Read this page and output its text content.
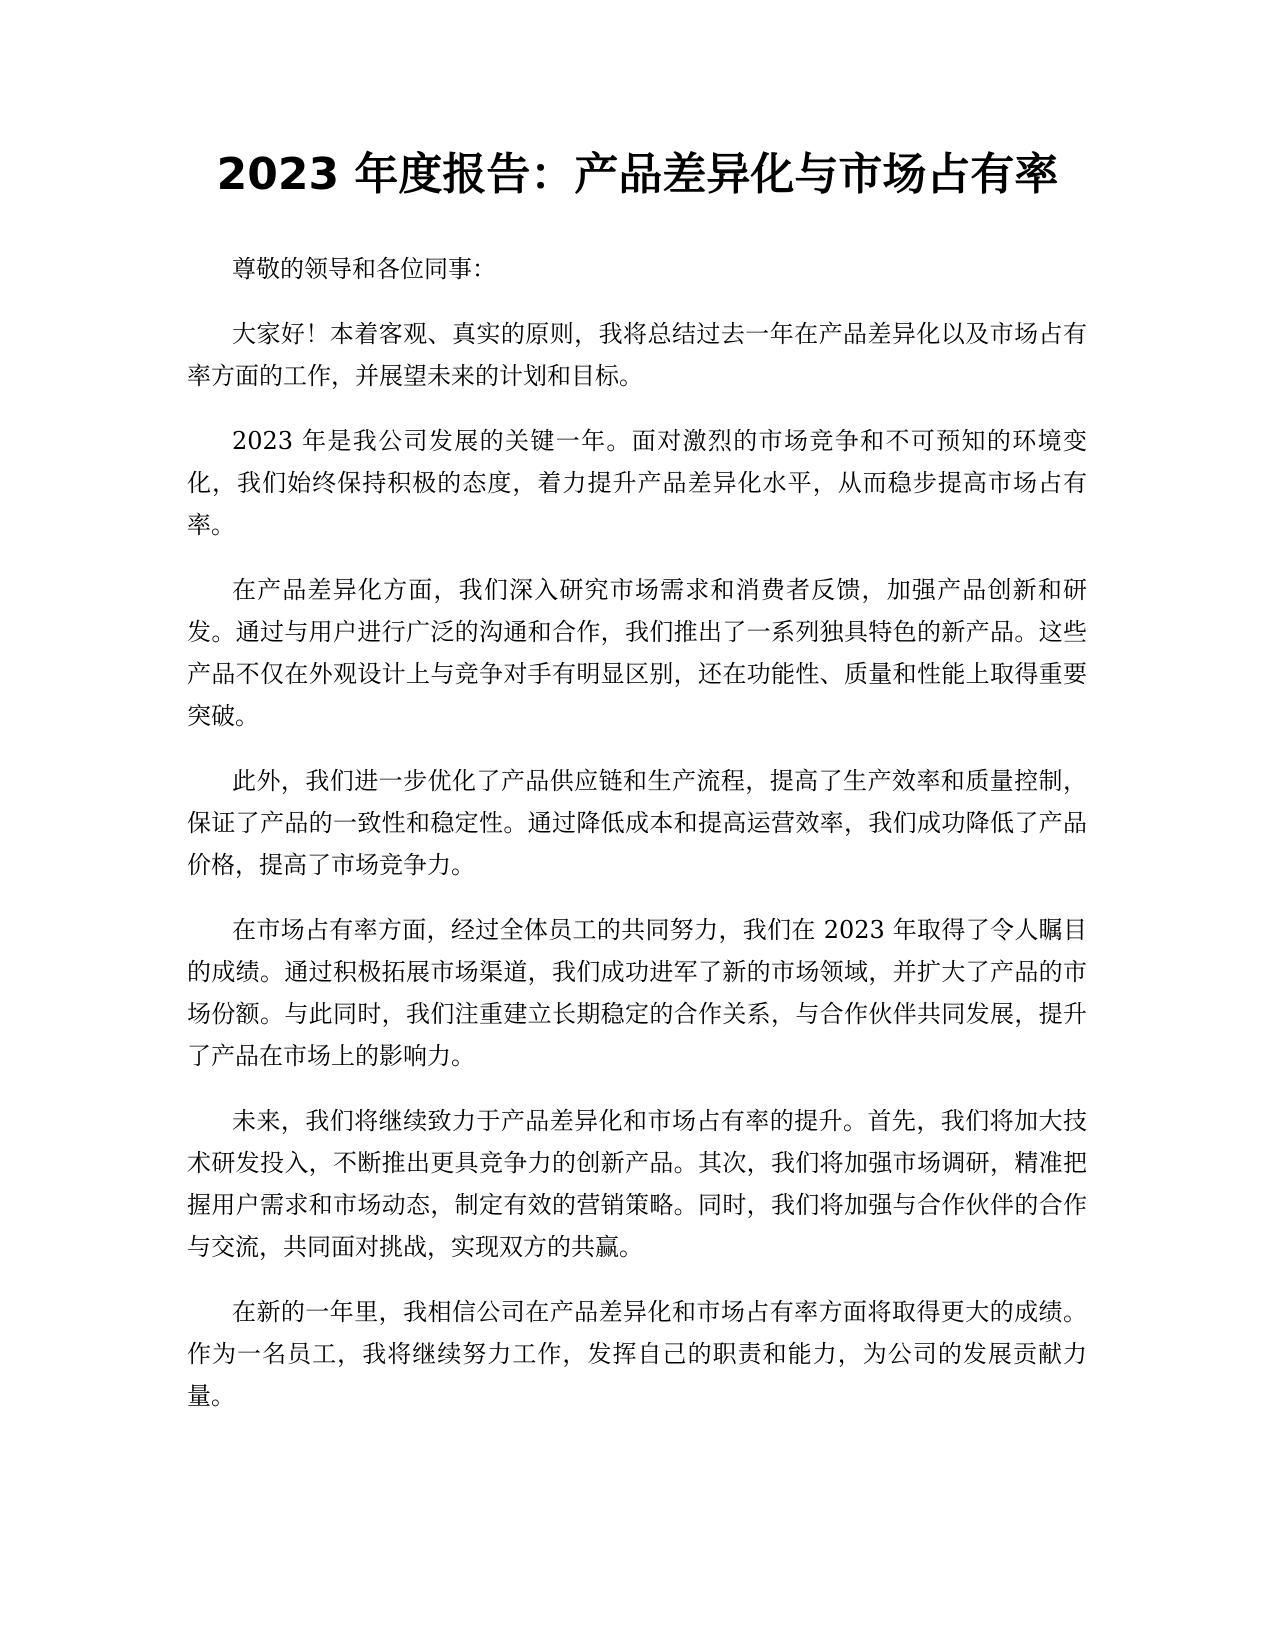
2023 年度报告：产品差异化与市场占有率

尊敬的领导和各位同事：

大家好！本着客观、真实的原则，我将总结过去一年在产品差异化以及市场占有率方面的工作，并展望未来的计划和目标。

2023 年是我公司发展的关键一年。面对激烈的市场竞争和不可预知的环境变化，我们始终保持积极的态度，着力提升产品差异化水平，从而稳步提高市场占有率。

在产品差异化方面，我们深入研究市场需求和消费者反馈，加强产品创新和研发。通过与用户进行广泛的沟通和合作，我们推出了一系列独具特色的新产品。这些产品不仅在外观设计上与竞争对手有明显区别，还在功能性、质量和性能上取得重要突破。

此外，我们进一步优化了产品供应链和生产流程，提高了生产效率和质量控制，保证了产品的一致性和稳定性。通过降低成本和提高运营效率，我们成功降低了产品价格，提高了市场竞争力。

在市场占有率方面，经过全体员工的共同努力，我们在 2023 年取得了令人瞩目的成绩。通过积极拓展市场渠道，我们成功进军了新的市场领域，并扩大了产品的市场份额。与此同时，我们注重建立长期稳定的合作关系，与合作伙伴共同发展，提升了产品在市场上的影响力。

未来，我们将继续致力于产品差异化和市场占有率的提升。首先，我们将加大技术研发投入，不断推出更具竞争力的创新产品。其次，我们将加强市场调研，精准把握用户需求和市场动态，制定有效的营销策略。同时，我们将加强与合作伙伴的合作与交流，共同面对挑战，实现双方的共赢。

在新的一年里，我相信公司在产品差异化和市场占有率方面将取得更大的成绩。作为一名员工，我将继续努力工作，发挥自己的职责和能力，为公司的发展贡献力量。
